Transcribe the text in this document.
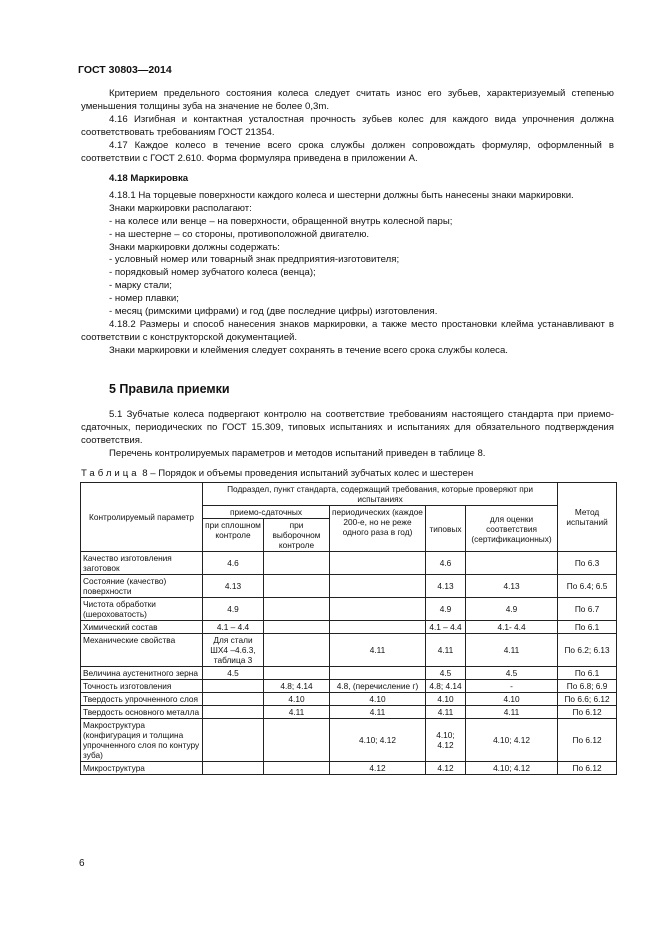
ГОСТ 30803—2014
Критерием предельного состояния колеса следует считать износ его зубьев, характеризуемый степенью уменьшения толщины зуба на значение не более 0,3m.
4.16 Изгибная и контактная усталостная прочность зубьев колес для каждого вида упрочнения должна соответствовать требованиям ГОСТ 21354.
4.17 Каждое колесо в течение всего срока службы должен сопровождать формуляр, оформленный в соответствии с ГОСТ 2.610. Форма формуляра приведена в приложении А.
4.18 Маркировка
4.18.1 На торцевые поверхности каждого колеса и шестерни должны быть нанесены знаки маркировки.
Знаки маркировки располагают:
- на колесе или венце – на поверхности, обращенной внутрь колесной пары;
- на шестерне – со стороны, противоположной двигателю.
Знаки маркировки должны содержать:
- условный номер или товарный знак предприятия-изготовителя;
- порядковый номер зубчатого колеса (венца);
- марку стали;
- номер плавки;
- месяц (римскими цифрами) и год (две последние цифры) изготовления.
4.18.2 Размеры и способ нанесения знаков маркировки, а также место простановки клейма устанавливают в соответствии с конструкторской документацией.
Знаки маркировки и клеймения следует сохранять в течение всего срока службы колеса.
5 Правила приемки
5.1 Зубчатые колеса подвергают контролю на соответствие требованиям настоящего стандарта при приемо-сдаточных, периодических по ГОСТ 15.309, типовых испытаниях и испытаниях для обязательного подтверждения соответствия.
Перечень контролируемых параметров и методов испытаний приведен в таблице 8.
Таблица 8 – Порядок и объемы проведения испытаний зубчатых колес и шестерен
Контролируемый параметр	Подраздел, пункт стандарта, содержащий требования, которые проверяют при испытаниях					Метод испытаний
	приемо-сдаточных		периодических (каждое 200-е, но не реже одного раза в год)	типовых	для оценки соответствия (сертификационных)	
	при сплошном контроле	при выборочном контроле				
Качество изготовления заготовок	4.6			4.6		По 6.3
Состояние (качество) поверхности	4.13			4.13	4.13	По 6.4; 6.5
Чистота обработки (шероховатость)	4.9			4.9	4.9	По 6.7
Химический состав	4.1 – 4.4			4.1 – 4.4	4.1- 4.4	По 6.1
Механические свойства	Для стали ШХ4 –4.6.3, таблица 3		4.11	4.11	4.11	По 6.2; 6.13
Величина аустенитного зерна	4.5			4.5	4.5	По 6.1
Точность изготовления		4.8; 4.14	4.8, (перечисление г)	4.8; 4.14	-	По 6.8; 6.9
Твердость упрочненного слоя		4.10	4.10	4.10	4.10	По 6.6; 6.12
Твердость основного металла		4.11	4.11	4.11	4.11	По 6.12
Макроструктура (конфигурация и толщина упрочненного слоя по контуру зуба)			4.10; 4.12	4.10; 4.12	4.10; 4.12	По 6.12
Микроструктура			4.12	4.12	4.10; 4.12	По 6.12
6
